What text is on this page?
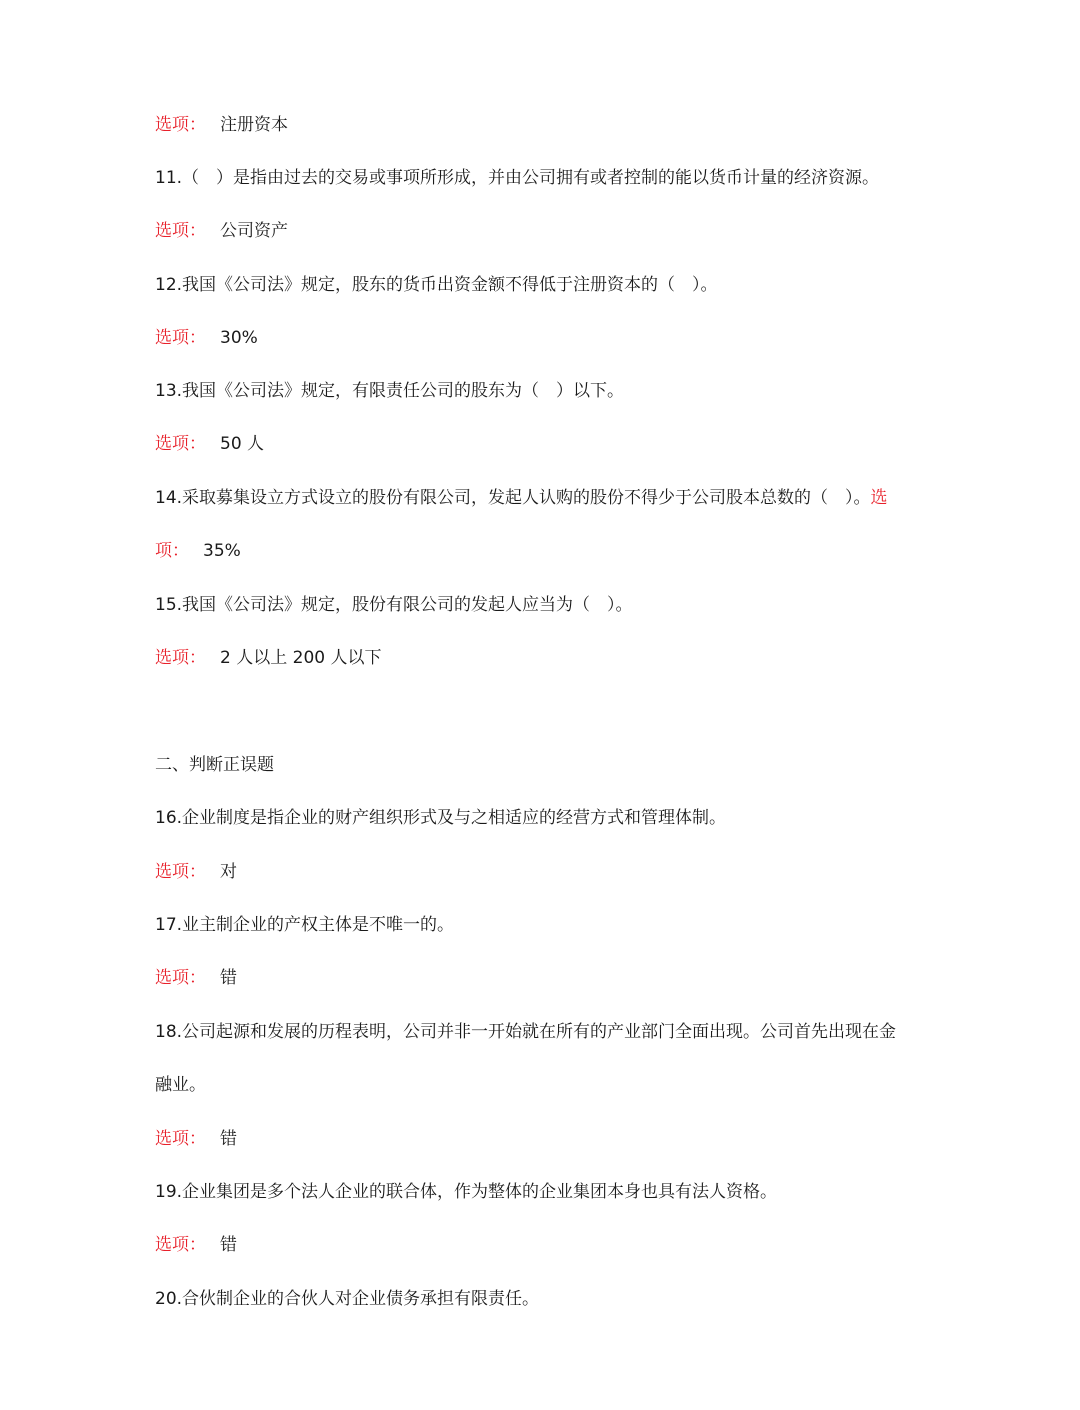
选项： 注册资本
11.（　）是指由过去的交易或事项所形成，并由公司拥有或者控制的能以货币计量的经济资源。
选项： 公司资产
12.我国《公司法》规定，股东的货币出资金额不得低于注册资本的（　）。
选项： 30%
13.我国《公司法》规定，有限责任公司的股东为（　）以下。
选项： 50 人
14.采取募集设立方式设立的股份有限公司，发起人认购的股份不得少于公司股本总数的（　）。选
项： 35%
15.我国《公司法》规定，股份有限公司的发起人应当为（　）。
选项： 2 人以上 200 人以下
二、判断正误题
16.企业制度是指企业的财产组织形式及与之相适应的经营方式和管理体制。
选项： 对
17.业主制企业的产权主体是不唯一的。
选项： 错
18.公司起源和发展的历程表明，公司并非一开始就在所有的产业部门全面出现。公司首先出现在金
融业。
选项： 错
19.企业集团是多个法人企业的联合体，作为整体的企业集团本身也具有法人资格。
选项： 错
20.合伙制企业的合伙人对企业债务承担有限责任。
